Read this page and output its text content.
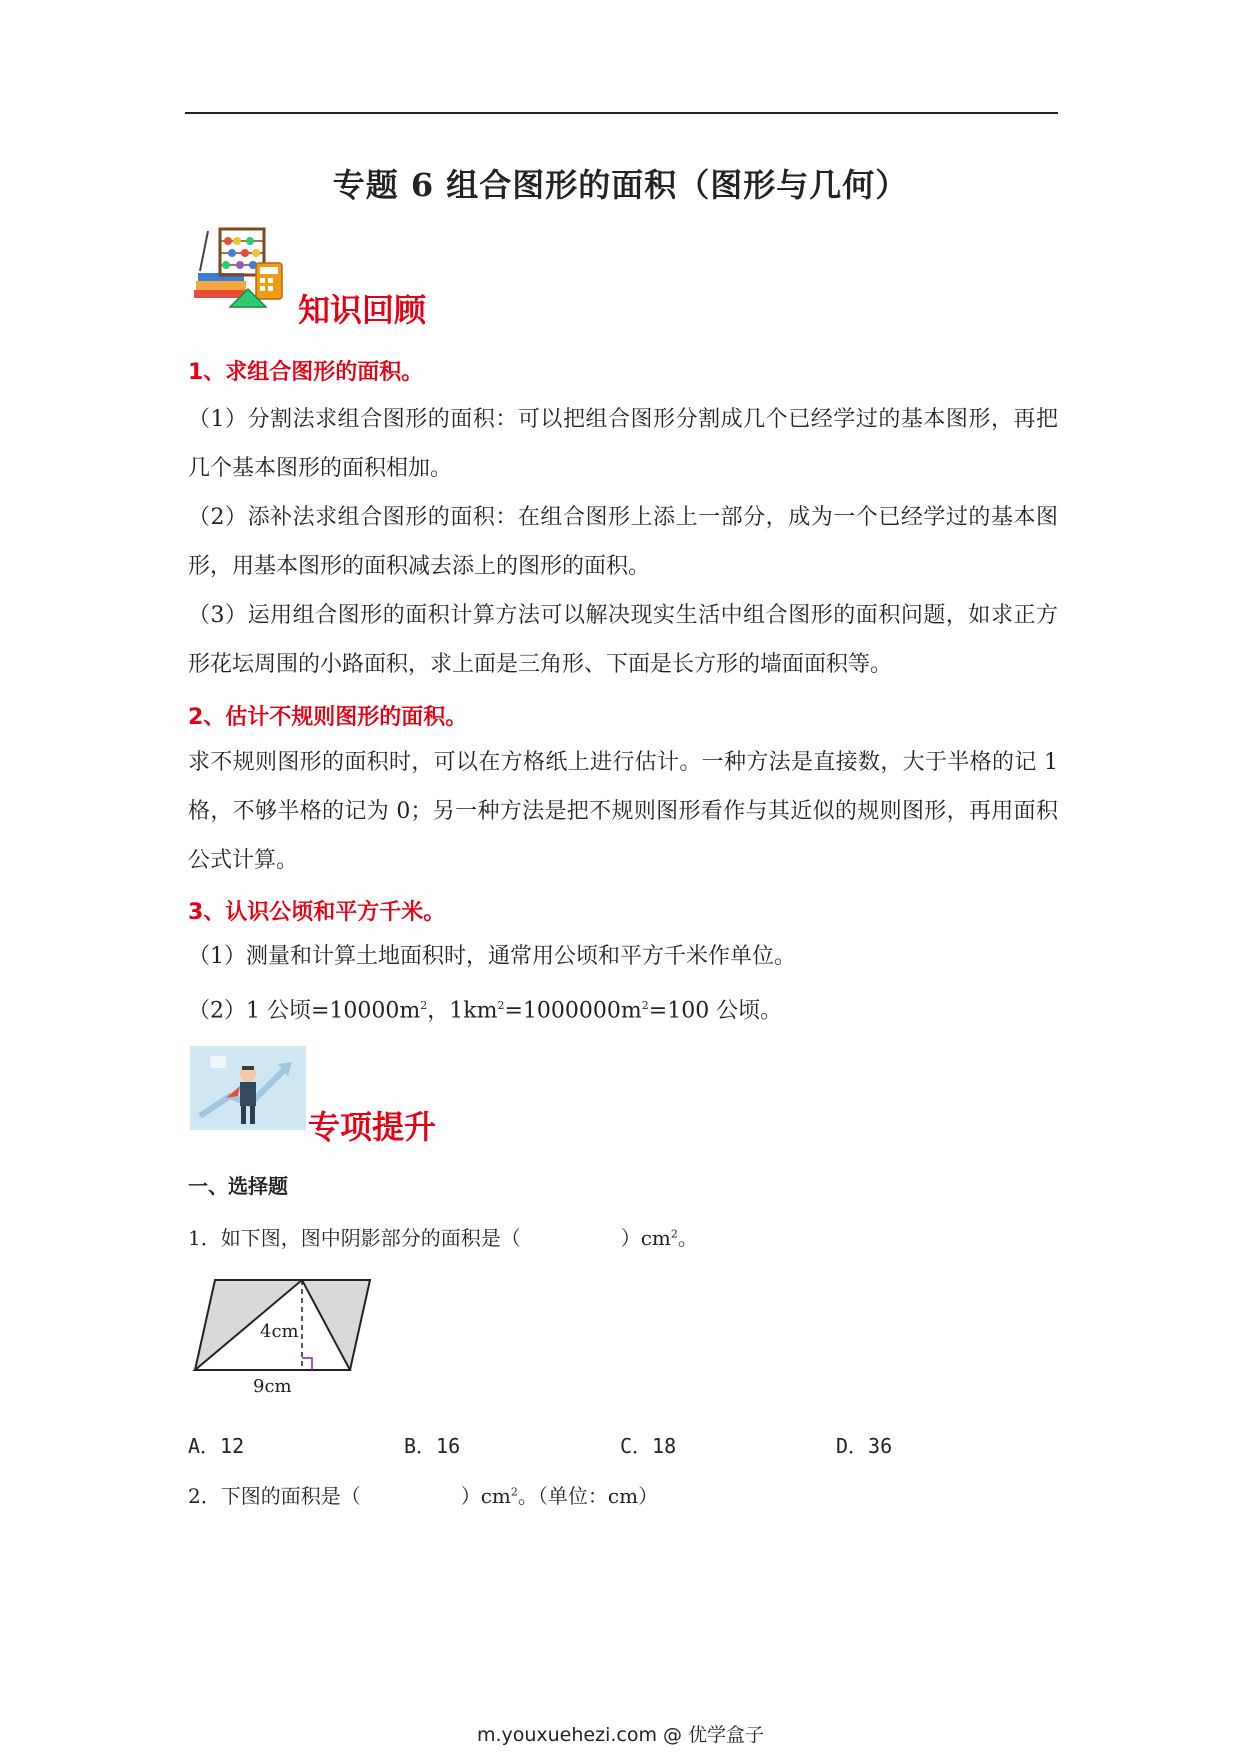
专题 6 组合图形的面积（图形与几何）
知识回顾
1、求组合图形的面积。

（1）分割法求组合图形的面积：可以把组合图形分割成几个已经学过的基本图形，再把几个基本图形的面积相加。

（2）添补法求组合图形的面积：在组合图形上添上一部分，成为一个已经学过的基本图形，用基本图形的面积减去添上的图形的面积。

（3）运用组合图形的面积计算方法可以解决现实生活中组合图形的面积问题，如求正方形花坛周围的小路面积，求上面是三角形、下面是长方形的墙面面积等。

2、估计不规则图形的面积。

求不规则图形的面积时，可以在方格纸上进行估计。一种方法是直接数，大于半格的记 1 格，不够半格的记为 0；另一种方法是把不规则图形看作与其近似的规则图形，再用面积公式计算。

3、认识公顷和平方千米。

（1）测量和计算土地面积时，通常用公顷和平方千米作单位。

（2）1 公顷$=10000m^2$，$1km^2=1000000m^2=100$ 公顷。

专项提升
一、选择题
1．如下图，图中阴影部分的面积是（	）$cm^2$。
4cm
9cm
A．12	B．16	C．18	D．36
2．下图的面积是（	）$cm^2$。（单位：cm）
m.youxuehezi.com @ 优学盒子
